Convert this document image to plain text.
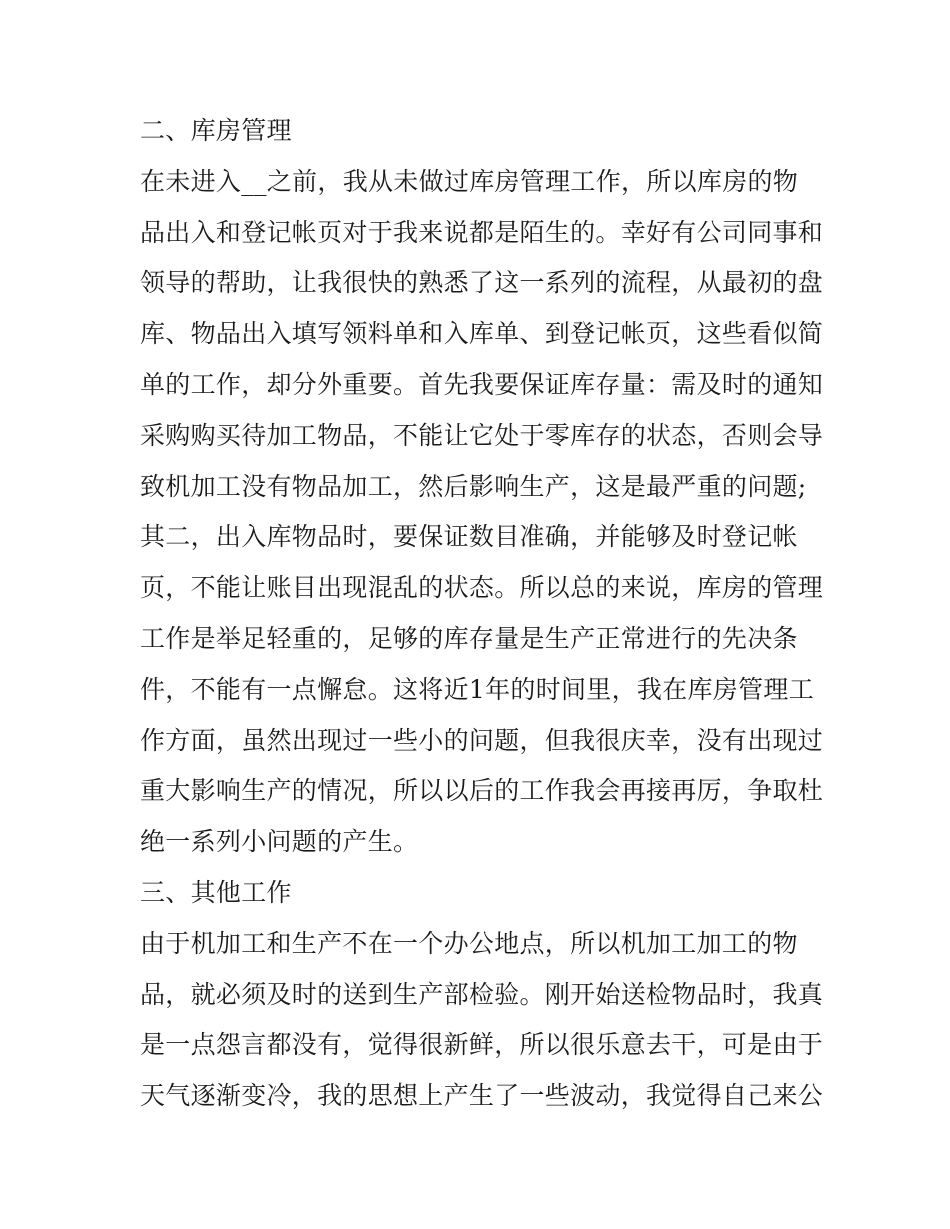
二、库房管理
在未进入__之前，我从未做过库房管理工作，所以库房的物
品出入和登记帐页对于我来说都是陌生的。幸好有公司同事和
领导的帮助，让我很快的熟悉了这一系列的流程，从最初的盘
库、物品出入填写领料单和入库单、到登记帐页，这些看似简
单的工作，却分外重要。首先我要保证库存量：需及时的通知
采购购买待加工物品，不能让它处于零库存的状态，否则会导
致机加工没有物品加工，然后影响生产，这是最严重的问题;
其二，出入库物品时，要保证数目准确，并能够及时登记帐
页，不能让账目出现混乱的状态。所以总的来说，库房的管理
工作是举足轻重的，足够的库存量是生产正常进行的先决条
件，不能有一点懈怠。这将近1年的时间里，我在库房管理工
作方面，虽然出现过一些小的问题，但我很庆幸，没有出现过
重大影响生产的情况，所以以后的工作我会再接再厉，争取杜
绝一系列小问题的产生。
三、其他工作
由于机加工和生产不在一个办公地点，所以机加工加工的物
品，就必须及时的送到生产部检验。刚开始送检物品时，我真
是一点怨言都没有，觉得很新鲜，所以很乐意去干，可是由于
天气逐渐变冷，我的思想上产生了一些波动，我觉得自己来公
